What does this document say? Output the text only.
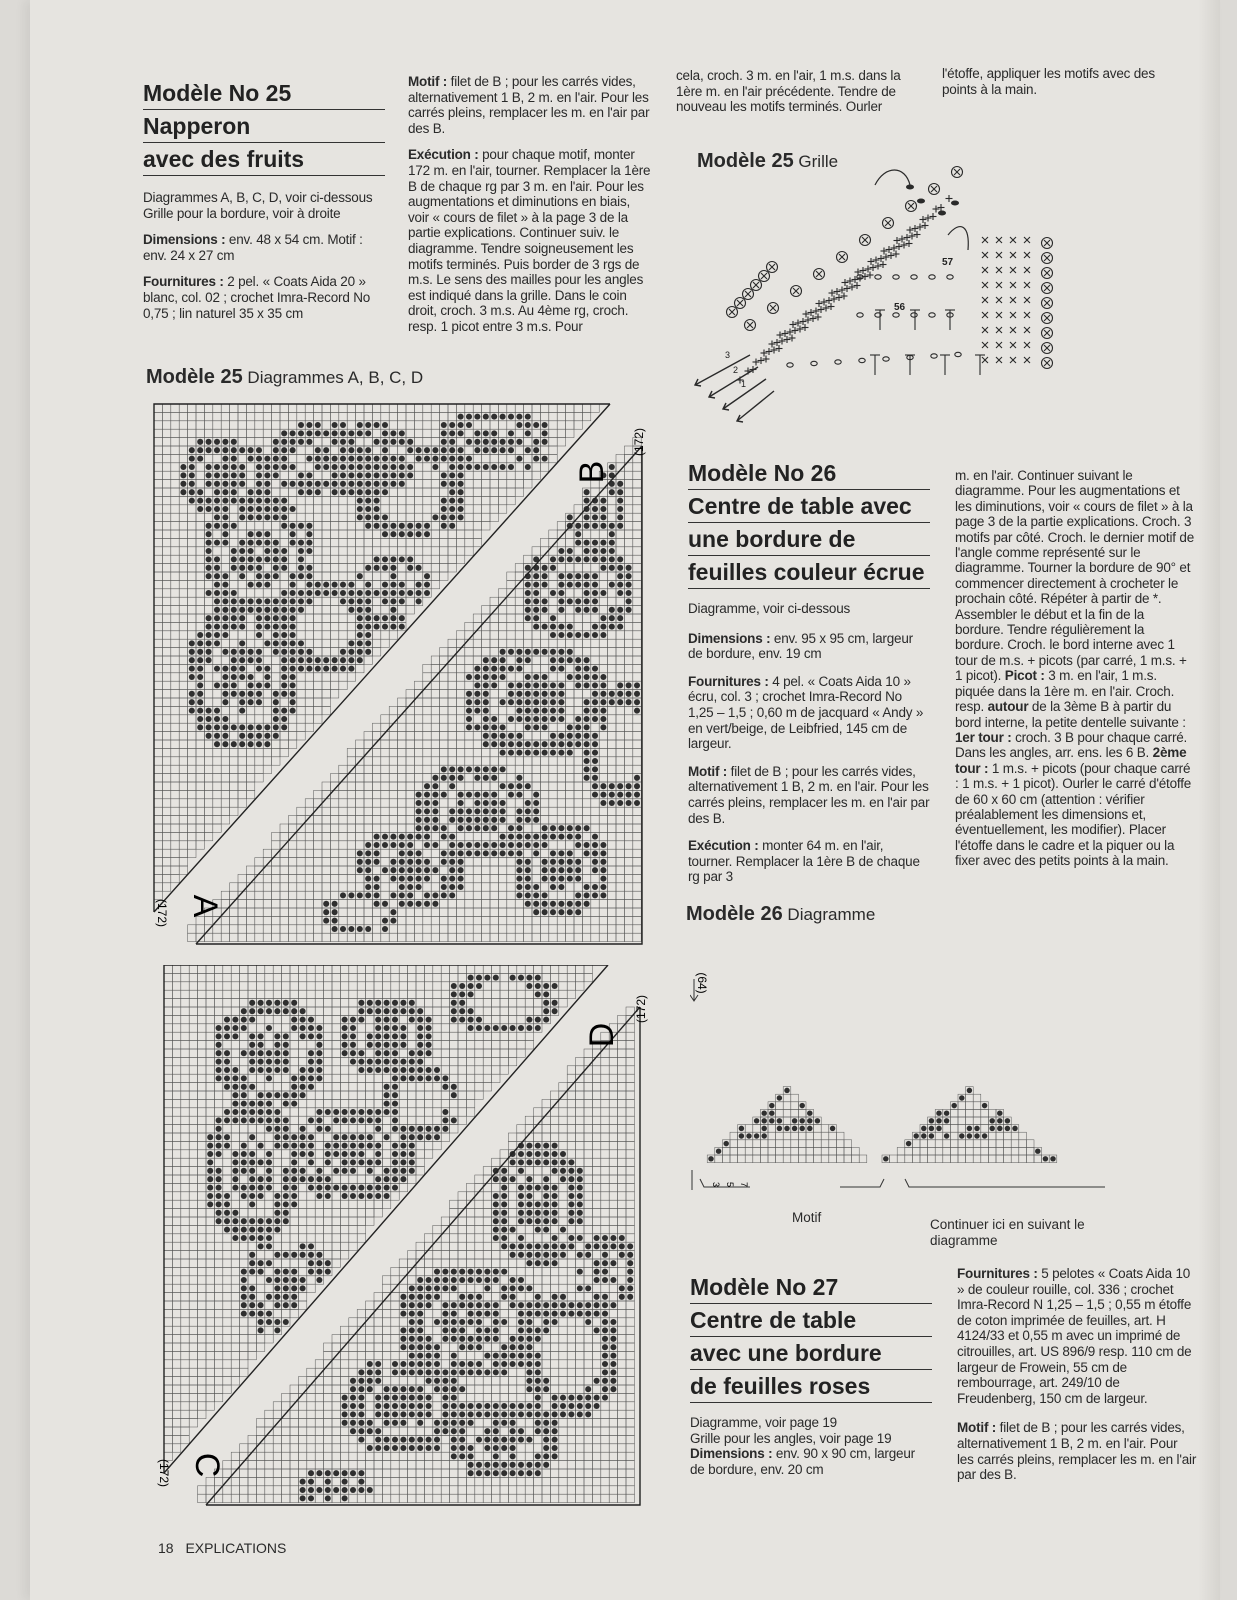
Modèle No 25
Napperon
avec des fruits
Diagrammes A, B, C, D, voir ci-dessous Grille pour la bordure, voir à droite
Dimensions : env. 48 x 54 cm. Motif : env. 24 x 27 cm
Fournitures : 2 pel. « Coats Aida 20 » blanc, col. 02 ; crochet Imra-Record No 0,75 ; lin naturel 35 x 35 cm
Motif : filet de B ; pour les carrés vides, alternativement 1 B, 2 m. en l'air. Pour les carrés pleins, remplacer les m. en l'air par des B.
Exécution : pour chaque motif, monter 172 m. en l'air, tourner. Remplacer la 1ère B de chaque rg par 3 m. en l'air. Pour les augmentations et diminutions en biais, voir « cours de filet » à la page 3 de la partie explications. Continuer suiv. le diagramme. Tendre soigneusement les motifs terminés. Puis border de 3 rgs de m.s. Le sens des mailles pour les angles est indiqué dans la grille. Dans le coin droit, croch. 3 m.s. Au 4ème rg, croch. resp. 1 picot entre 3 m.s. Pour
cela, croch. 3 m. en l'air, 1 m.s. dans la 1ère m. en l'air précédente. Tendre de nouveau les motifs terminés. Ourler
l'étoffe, appliquer les motifs avec des points à la main.
Modèle 25 Grille
56
57
3
2
1
Modèle 25 Diagrammes A, B, C, D
B
(172)
A
(172)
D
(172)
C
(172)
Modèle No 26
Centre de table avec
une bordure de
feuilles couleur écrue
Diagramme, voir ci-dessous
Dimensions : env. 95 x 95 cm, largeur de bordure, env. 19 cm
Fournitures : 4 pel. « Coats Aida 10 » écru, col. 3 ; crochet Imra-Record No 1,25 – 1,5 ; 0,60 m de jacquard « Andy » en vert/beige, de Leibfried, 145 cm de largeur.
Motif : filet de B ; pour les carrés vides, alternativement 1 B, 2 m. en l'air. Pour les carrés pleins, remplacer les m. en l'air par des B.
Exécution : monter 64 m. en l'air, tourner. Remplacer la 1ère B de chaque rg par 3
m. en l'air. Continuer suivant le diagramme. Pour les augmentations et les diminutions, voir « cours de filet » à la page 3 de la partie explications. Croch. 3 motifs par côté. Croch. le dernier motif de l'angle comme représenté sur le diagramme. Tourner la bordure de 90° et commencer directement à crocheter le prochain côté. Répéter à partir de *. Assembler le début et la fin de la bordure. Tendre régulièrement la bordure. Croch. le bord interne avec 1 tour de m.s. + picots (par carré, 1 m.s. + 1 picot). Picot : 3 m. en l'air, 1 m.s. piquée dans la 1ère m. en l'air. Croch. resp. autour de la 3ème B à partir du bord interne, la petite dentelle suivante : 1er tour : croch. 3 B pour chaque carré. Dans les angles, arr. ens. les 6 B. 2ème tour : 1 m.s. + picots (pour chaque carré : 1 m.s. + 1 picot). Ourler le carré d'étoffe de 60 x 60 cm (attention : vérifier préalablement les dimensions et, éventuellement, les modifier). Placer l'étoffe dans le cadre et la piquer ou la fixer avec des petits points à la main.
Modèle 26 Diagramme
(64)
3 5 7
Motif	Continuer ici en suivant le diagramme
Modèle No 27
Centre de table
avec une bordure
de feuilles roses
Diagramme, voir page 19
Grille pour les angles, voir page 19
Dimensions : env. 90 x 90 cm, largeur de bordure, env. 20 cm
Fournitures : 5 pelotes « Coats Aida 10 » de couleur rouille, col. 336 ; crochet Imra-Record N 1,25 – 1,5 ; 0,55 m étoffe de coton imprimée de feuilles, art. H 4124/33 et 0,55 m avec un imprimé de citrouilles, art. US 896/9 resp. 110 cm de largeur de Frowein, 55 cm de rembourrage, art. 249/10 de Freudenberg, 150 cm de largeur.
Motif : filet de B ; pour les carrés vides, alternativement 1 B, 2 m. en l'air. Pour les carrés pleins, remplacer les m. en l'air par des B.
18 EXPLICATIONS
